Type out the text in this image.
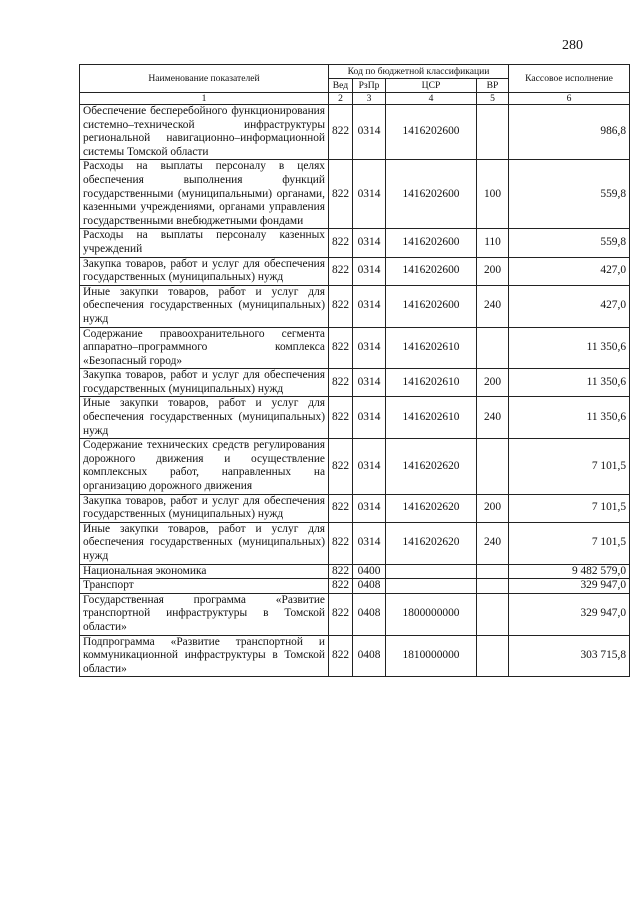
280
Наименование показателей	Код по бюджетной классификации				Кассовое исполнение
	Вед	РзПр	ЦСР	ВР	
1	2	3	4	5	6
Обеспечение бесперебойного функционирования системно–технической инфраструктуры региональной навигационно–информационной системы Томской области	822	0314	1416202600		986,8
Расходы на выплаты персоналу в целях обеспечения выполнения функций государственными (муниципальными) органами, казенными учреждениями, органами управления государственными внебюджетными фондами	822	0314	1416202600	100	559,8
Расходы на выплаты персоналу казенных учреждений	822	0314	1416202600	110	559,8
Закупка товаров, работ и услуг для обеспечения государственных (муниципальных) нужд	822	0314	1416202600	200	427,0
Иные закупки товаров, работ и услуг для обеспечения государственных (муниципальных) нужд	822	0314	1416202600	240	427,0
Содержание правоохранительного сегмента аппаратно–программного комплекса «Безопасный город»	822	0314	1416202610		11 350,6
Закупка товаров, работ и услуг для обеспечения государственных (муниципальных) нужд	822	0314	1416202610	200	11 350,6
Иные закупки товаров, работ и услуг для обеспечения государственных (муниципальных) нужд	822	0314	1416202610	240	11 350,6
Содержание технических средств регулирования дорожного движения и осуществление комплексных работ, направленных на организацию дорожного движения	822	0314	1416202620		7 101,5
Закупка товаров, работ и услуг для обеспечения государственных (муниципальных) нужд	822	0314	1416202620	200	7 101,5
Иные закупки товаров, работ и услуг для обеспечения государственных (муниципальных) нужд	822	0314	1416202620	240	7 101,5
Национальная экономика	822	0400			9 482 579,0
Транспорт	822	0408			329 947,0
Государственная программа «Развитие транспортной инфраструктуры в Томской области»	822	0408	1800000000		329 947,0
Подпрограмма «Развитие транспортной и коммуникационной инфраструктуры в Томской области»	822	0408	1810000000		303 715,8
